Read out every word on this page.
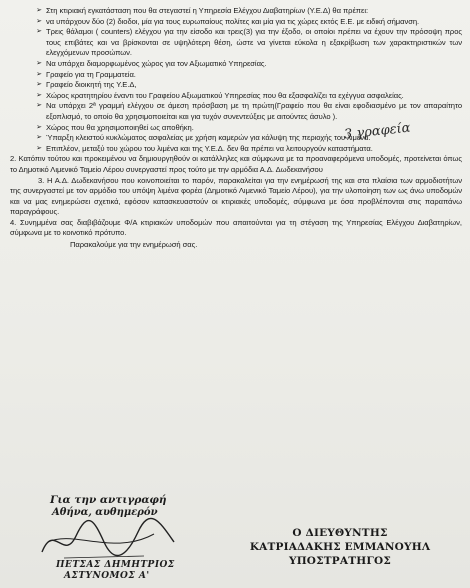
➢ Στη κτιριακή εγκατάσταση που θα στεγαστεί η Υπηρεσία Ελέγχου Διαβατηρίων (Υ.Ε.Δ) θα πρέπει:

➢ να υπάρχουν δύο (2) διοδοι, μία για τους ευρωπαίους πολίτες και μία για τις χώρες εκτός Ε.Ε. με ειδική σήμανση.

➢ Τρεις θάλαμοι ( counters) ελέγχου για την είσοδο και τρεις(3) για την έξοδο, οι οποίοι πρέπει να έχουν την πρόσοψη προς τους επιβάτες και να βρίσκονται σε υψηλότερη θέση, ώστε να γίνεται εύκολα η εξακρίβωση των χαρακτηριστικών των ελεγχόμενων προσώπων.

➢ Να υπάρχει διαμορφωμένος χώρος για τον Αξιωματικό Υπηρεσίας.

➢ Γραφείο για τη Γραμματεία.

➢ Γραφείο διοικητή της Υ.Ε.Δ,

➢ Χώρος κρατητηρίου έναντι του Γραφείου Αξιωματικού Υπηρεσίας που θα εξασφαλίζει τα εχέγγυα ασφαλείας.

➢ Να υπάρχει 2ª γραμμή ελέγχου σε άμεση πρόσβαση με τη πρώτη(Γραφείο που θα είναι εφοδιασμένο με τον απαραίτητο εξοπλισμό, το οποίο θα χρησιμοποιείται και για τυχόν συνεντεύξεις με αιτούντες άσυλο ).

➢ Χώρος που θα χρησιμοποιηθεί ως αποθήκη.

➢ Ύπαρξη κλειστού κυκλώματος ασφαλείας με χρήση καμερών για κάλυψη της περιοχής του λιμένα.

➢ Επιπλέον, μεταξύ του χώρου του λιμένα και της Υ.Ε.Δ. δεν θα πρέπει να λειτουργούν καταστήματα.

2. Κατόπιν τούτου και προκειμένου να δημιουργηθούν οι κατάλληλες και σύμφωνα με τα προαναφερόμενα υποδομές, προτείνεται όπως το Δημοτικό Λιμενικό Ταμείο Λέρου συνεργαστεί προς τούτο με την αρμόδια Α.Δ. Δωδεκανήσου

3. Η Α.Δ. Δωδεκανήσου που κοινοποιείται το παρόν, παρακαλείται για την ενημέρωσή της και στα πλαίσια των αρμοδιοτήτων της συνεργαστεί με τον αρμόδιο του υπόψη λιμένα φορέα (Δημοτικό Λιμενικό Ταμείο Λέρου), για την υλοποίηση των ως άνω υποδομών και να μας ενημερώσει σχετικά, εφόσον κατασκευαστούν οι κτιριακές υποδομές, σύμφωνα με όσα προβλέπονται στις παραπάνω παραγράφους.

4. Συνημμένα σας διαβιβάζουμε Φ/Α κτιριακών υποδομών που απαιτούνται για τη στέγαση της Υπηρεσίας Ελέγχου Διαβατηρίων, σύμφωνα με το κοινοτικό πρότυπο.

Παρακαλούμε για την ενημέρωσή σας.

3 γραφεία
Για την αντιγραφή
Αθήνα, αυθημερόν
ΠΕΤΣΑΣ ΔΗΜΗΤΡΙΟΣ
ΑΣΤΥΝΟΜΟΣ Α'
Ο ΔΙΕΥΘΥΝΤΗΣ
ΚΑΤΡΙΑΔΑΚΗΣ ΕΜΜΑΝΟΥΗΛ
ΥΠΟΣΤΡΑΤΗΓΟΣ
